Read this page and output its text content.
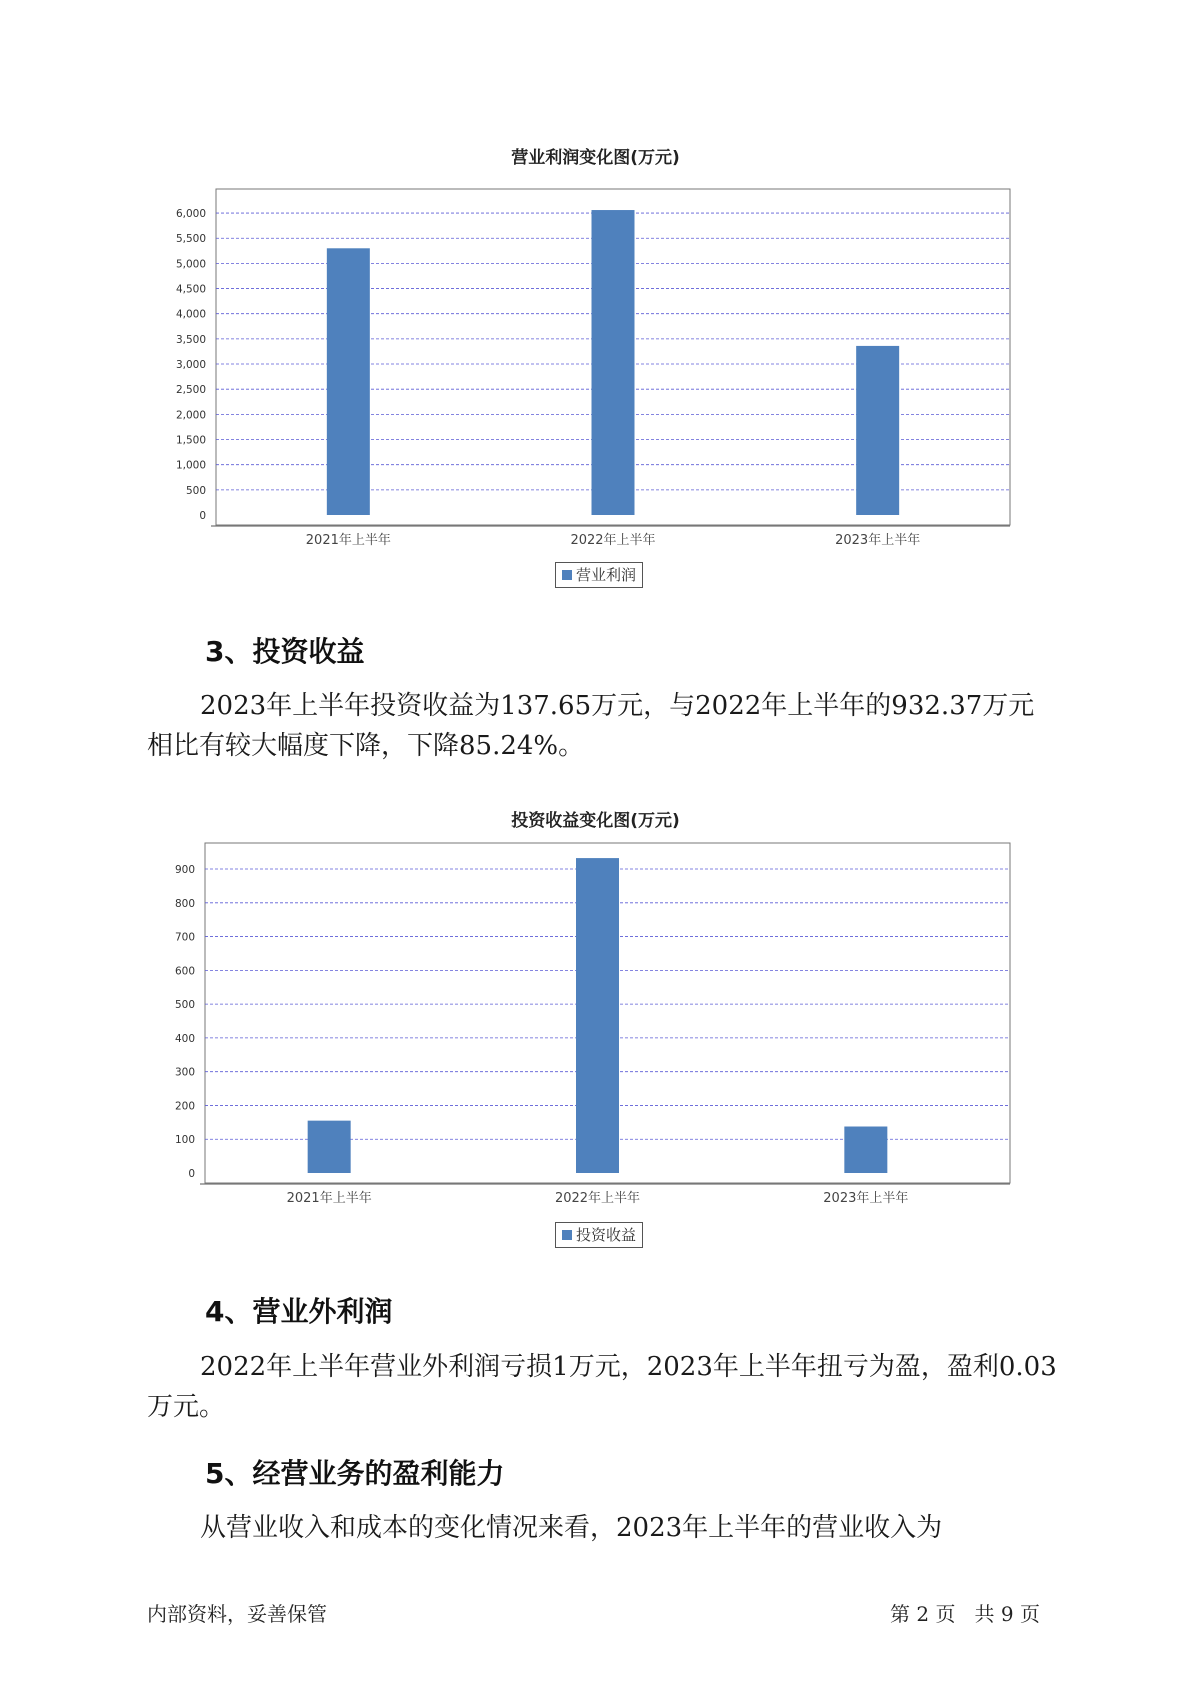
营业利润变化图(万元)
0
500
1,000
1,500
2,000
2,500
3,000
3,500
4,000
4,500
5,000
5,500
6,000
2021年上半年	2022年上半年	2023年上半年
营业利润
3、投资收益
2023年上半年投资收益为137.65万元，与2022年上半年的932.37万元
相比有较大幅度下降，下降85.24%。
投资收益变化图(万元)
0
100
200
300
400
500
600
700
800
900
2021年上半年	2022年上半年	2023年上半年
投资收益
4、营业外利润
2022年上半年营业外利润亏损1万元，2023年上半年扭亏为盈，盈利0.03
万元。
5、经营业务的盈利能力
从营业收入和成本的变化情况来看，2023年上半年的营业收入为
内部资料，妥善保管	第 2 页   共 9 页
